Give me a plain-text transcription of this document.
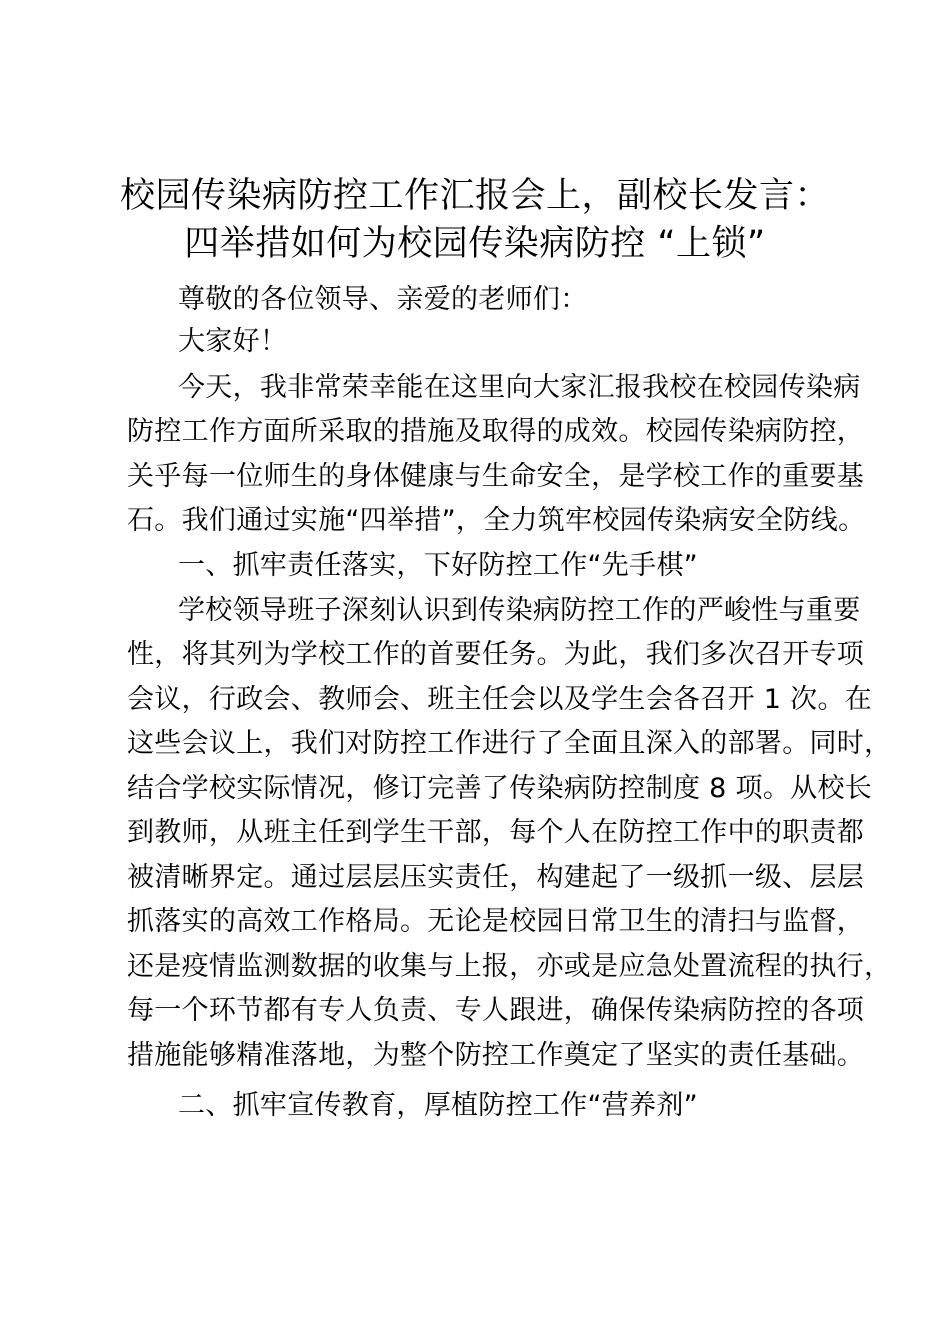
校园传染病防控工作汇报会上，副校长发言：
四举措如何为校园传染病防控 “上锁”
尊敬的各位领导、亲爱的老师们：
大家好！
今天，我非常荣幸能在这里向大家汇报我校在校园传染病
防控工作方面所采取的措施及取得的成效。校园传染病防控，
关乎每一位师生的身体健康与生命安全，是学校工作的重要基
石。我们通过实施“四举措”，全力筑牢校园传染病安全防线。
一、抓牢责任落实，下好防控工作“先手棋”
学校领导班子深刻认识到传染病防控工作的严峻性与重要
性，将其列为学校工作的首要任务。为此，我们多次召开专项
会议，行政会、教师会、班主任会以及学生会各召开 1 次。在
这些会议上，我们对防控工作进行了全面且深入的部署。同时，
结合学校实际情况，修订完善了传染病防控制度 8 项。从校长
到教师，从班主任到学生干部，每个人在防控工作中的职责都
被清晰界定。通过层层压实责任，构建起了一级抓一级、层层
抓落实的高效工作格局。无论是校园日常卫生的清扫与监督，
还是疫情监测数据的收集与上报，亦或是应急处置流程的执行，
每一个环节都有专人负责、专人跟进，确保传染病防控的各项
措施能够精准落地，为整个防控工作奠定了坚实的责任基础。
二、抓牢宣传教育，厚植防控工作“营养剂”
